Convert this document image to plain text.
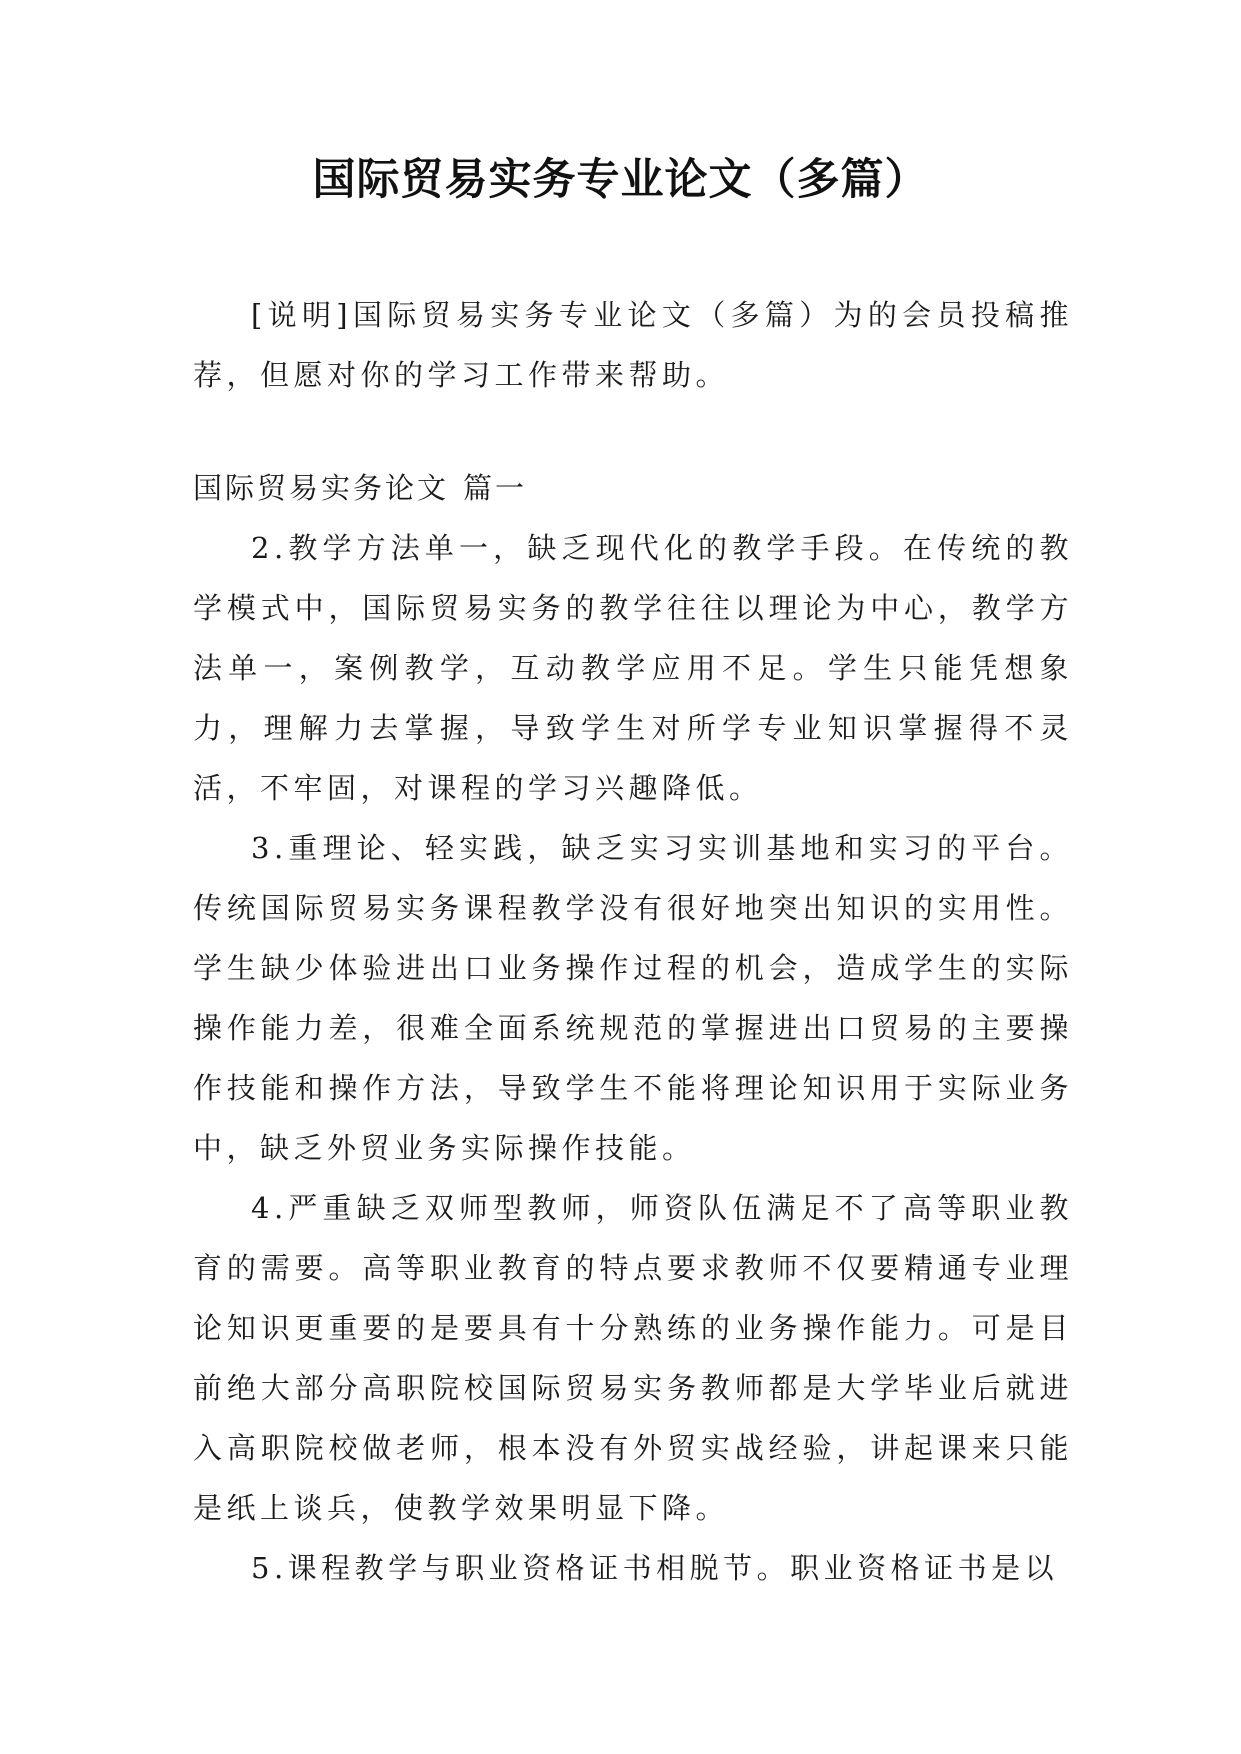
国际贸易实务专业论文（多篇）

[说明]国际贸易实务专业论文（多篇）为的会员投稿推荐，但愿对你的学习工作带来帮助。

国际贸易实务论文 篇一

2.教学方法单一，缺乏现代化的教学手段。在传统的教学模式中，国际贸易实务的教学往往以理论为中心，教学方法单一，案例教学，互动教学应用不足。学生只能凭想象力，理解力去掌握，导致学生对所学专业知识掌握得不灵活，不牢固，对课程的学习兴趣降低。

3.重理论、轻实践，缺乏实习实训基地和实习的平台。传统国际贸易实务课程教学没有很好地突出知识的实用性。学生缺少体验进出口业务操作过程的机会，造成学生的实际操作能力差，很难全面系统规范的掌握进出口贸易的主要操作技能和操作方法，导致学生不能将理论知识用于实际业务中，缺乏外贸业务实际操作技能。

4.严重缺乏双师型教师，师资队伍满足不了高等职业教育的需要。高等职业教育的特点要求教师不仅要精通专业理论知识更重要的是要具有十分熟练的业务操作能力。可是目前绝大部分高职院校国际贸易实务教师都是大学毕业后就进入高职院校做老师，根本没有外贸实战经验，讲起课来只能是纸上谈兵，使教学效果明显下降。

5.课程教学与职业资格证书相脱节。职业资格证书是以
